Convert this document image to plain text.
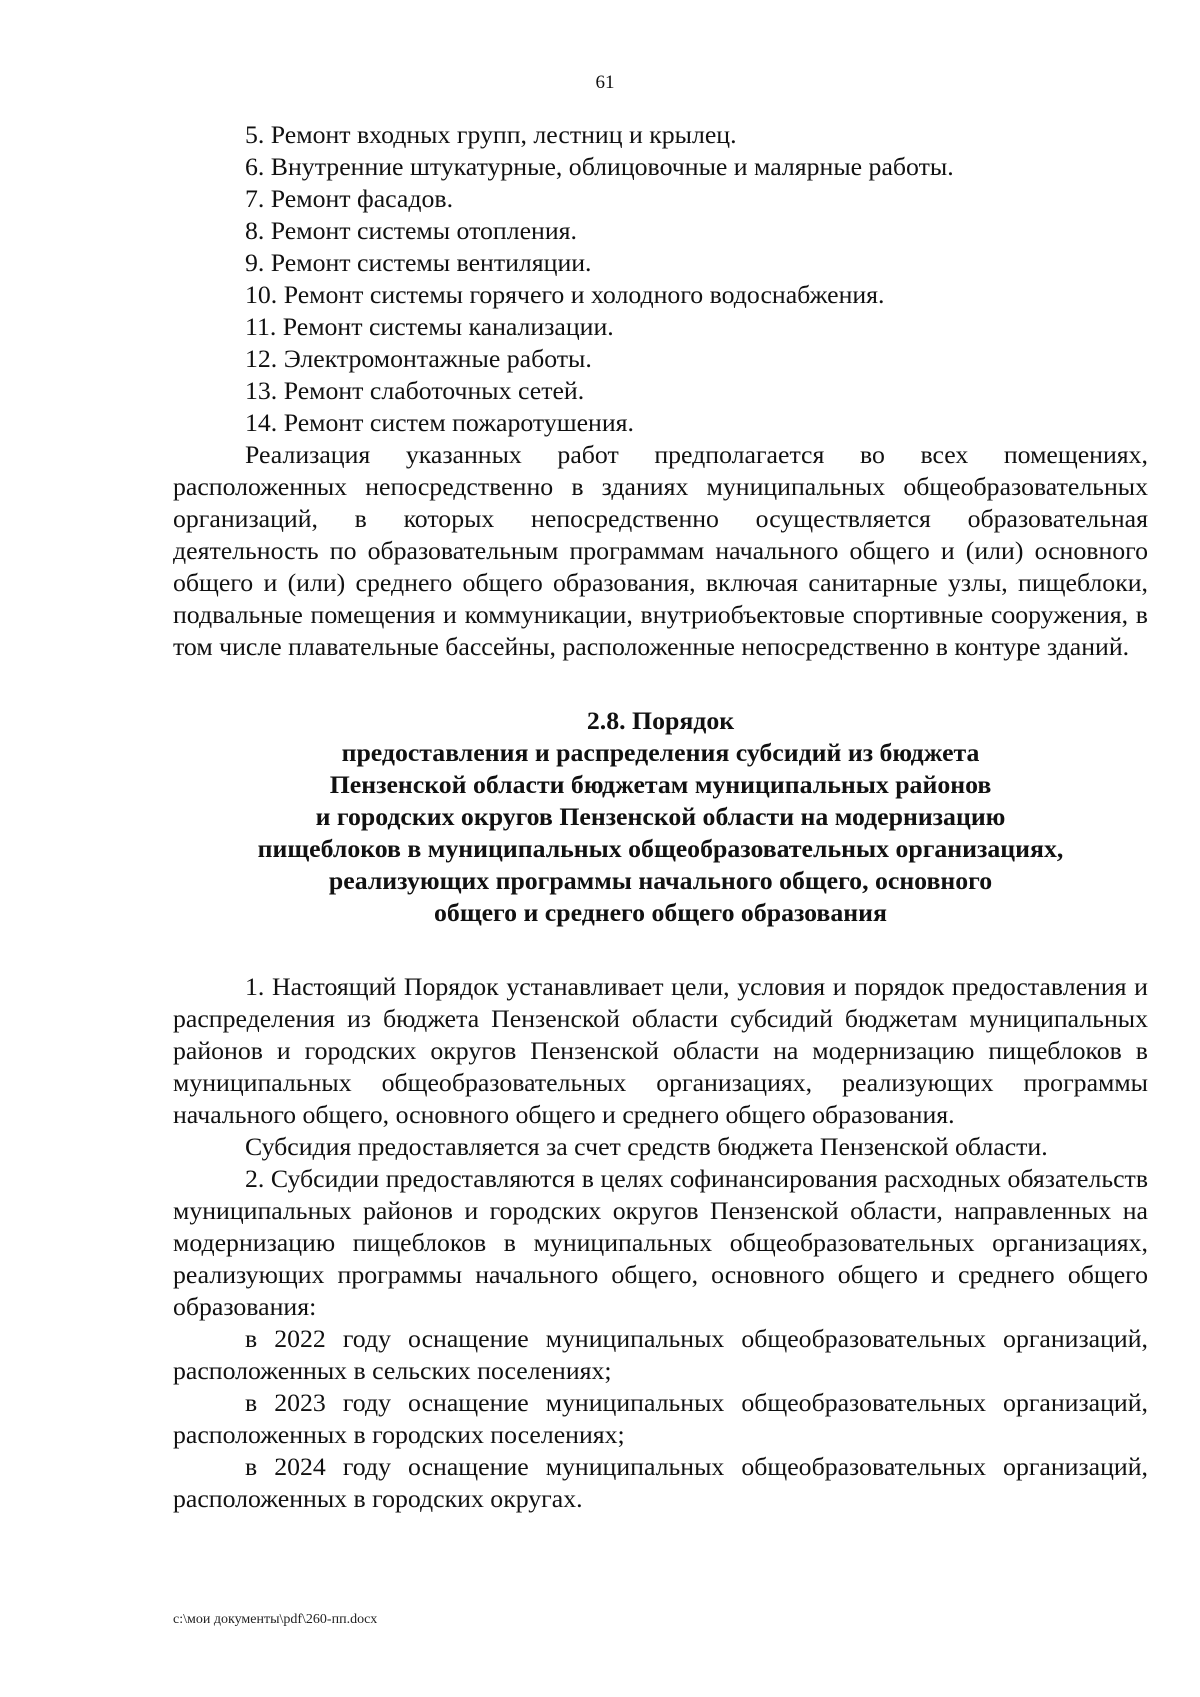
61

5. Ремонт входных групп, лестниц и крылец.

6. Внутренние штукатурные, облицовочные и малярные работы.

7. Ремонт фасадов.

8. Ремонт системы отопления.

9. Ремонт системы вентиляции.

10. Ремонт системы горячего и холодного водоснабжения.

11. Ремонт системы канализации.

12. Электромонтажные работы.

13. Ремонт слаботочных сетей.

14. Ремонт систем пожаротушения.

Реализация указанных работ предполагается во всех помещениях, расположенных непосредственно в зданиях муниципальных общеобразовательных организаций, в которых непосредственно осуществляется образовательная деятельность по образовательным программам начального общего и (или) основного общего и (или) среднего общего образования, включая санитарные узлы, пищеблоки, подвальные помещения и коммуникации, внутриобъектовые спортивные сооружения, в том числе плавательные бассейны, расположенные непосредственно в контуре зданий.

2.8. Порядок
предоставления и распределения субсидий из бюджета
Пензенской области бюджетам муниципальных районов
и городских округов Пензенской области на модернизацию
пищеблоков в муниципальных общеобразовательных организациях,
реализующих программы начального общего, основного
общего и среднего общего образования

1. Настоящий Порядок устанавливает цели, условия и порядок предоставления и распределения из бюджета Пензенской области субсидий бюджетам муниципальных районов и городских округов Пензенской области на модернизацию пищеблоков в муниципальных общеобразовательных организациях, реализующих программы начального общего, основного общего и среднего общего образования.

Субсидия предоставляется за счет средств бюджета Пензенской области.

2. Субсидии предоставляются в целях софинансирования расходных обязательств муниципальных районов и городских округов Пензенской области, направленных на модернизацию пищеблоков в муниципальных общеобразовательных организациях, реализующих программы начального общего, основного общего и среднего общего образования:

в 2022 году оснащение муниципальных общеобразовательных организаций, расположенных в сельских поселениях;

в 2023 году оснащение муниципальных общеобразовательных организаций, расположенных в городских поселениях;

в 2024 году оснащение муниципальных общеобразовательных организаций, расположенных в городских округах.

c:\мои документы\pdf\260-пп.docx
